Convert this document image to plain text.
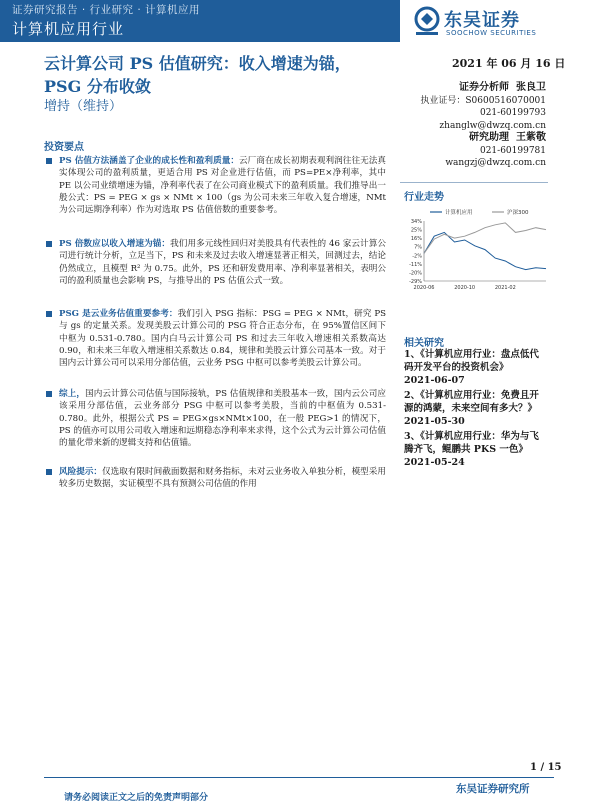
证券研究报告 · 行业研究 · 计算机应用
计算机应用行业	东吴证券
SOOCHOW SECURITIES
云计算公司 PS 估值研究：收入增速为锚，
PSG 分布收敛
增持（维持）
2021 年 06 月 16 日
证券分析师 张良卫
执业证号：S0600516070001
021-60199793
zhanglw@dwzq.com.cn
研究助理 王紫敬
021-60199781
wangzj@dwzq.com.cn
投资要点
PS 估值方法涵盖了企业的成长性和盈利质量：云厂商在成长初期表观利润往往无法真实体现公司的盈利质量，更适合用 PS 对企业进行估值，而 PS=PE×净利率，其中 PE 以公司业绩增速为锚，净利率代表了在公司商业模式下的盈利质量。我们推导出一般公式：PS = PEG × gs × NMt × 100（gs 为公司未来三年收入复合增速，NMt 为公司远期净利率）作为对选取 PS 估值倍数的重要参考。
PS 倍数应以收入增速为锚：我们用多元线性回归对美股具有代表性的 46 家云计算公司进行统计分析，立足当下，PS 和未来及过去收入增速显著正相关，回测过去，结论仍然成立，且模型 R² 为 0.75。此外，PS 还和研发费用率、净利率显著相关，表明公司的盈利质量也会影响 PS，与推导出的 PS 估值公式一致。
PSG 是云业务估值重要参考：我们引入 PSG 指标：PSG = PEG × NMt，研究 PS 与 gs 的定量关系。发现美股云计算公司的 PSG 符合正态分布，在 95%置信区间下中枢为 0.531-0.780。国内白马云计算公司 PS 和过去三年收入增速相关系数高达 0.90，和未来三年收入增速相关系数达 0.84，规律和美股云计算公司基本一致。对于国内云计算公司可以采用分部估值，云业务 PSG 中枢可以参考美股云计算公司。
综上，国内云计算公司估值与国际接轨，PS 估值规律和美股基本一致，国内云公司应该采用分部估值，云业务部分 PSG 中枢可以参考美股，当前的中枢值为 0.531-0.780。此外，根据公式 PS = PEG×gs×NMt×100，在一般 PEG>1 的情况下，PS 的值亦可以用公司收入增速和远期稳态净利率来求得，这个公式为云计算公司估值的量化带来新的逻辑支持和估值锚。
风险提示：仅选取有限时间截面数据和财务指标，未对云业务收入单独分析，模型采用较多历史数据，实证模型不具有预测公司估值的作用
行业走势
34%
25%
16%
7%
-2%
-11%
-20%
-29%
2020-06	2020-10	2021-02
计算机应用	沪深300
相关研究
1、《计算机应用行业：盘点低代码开发平台的投资机会》
2021-06-07
2、《计算机应用行业：免费且开源的鸿蒙，未来空间有多大？》
2021-05-30
3、《计算机应用行业：华为与飞腾齐飞，鲲鹏共 PKS 一色》
2021-05-24
1 / 15
东吴证券研究所
请务必阅读正文之后的免责声明部分
